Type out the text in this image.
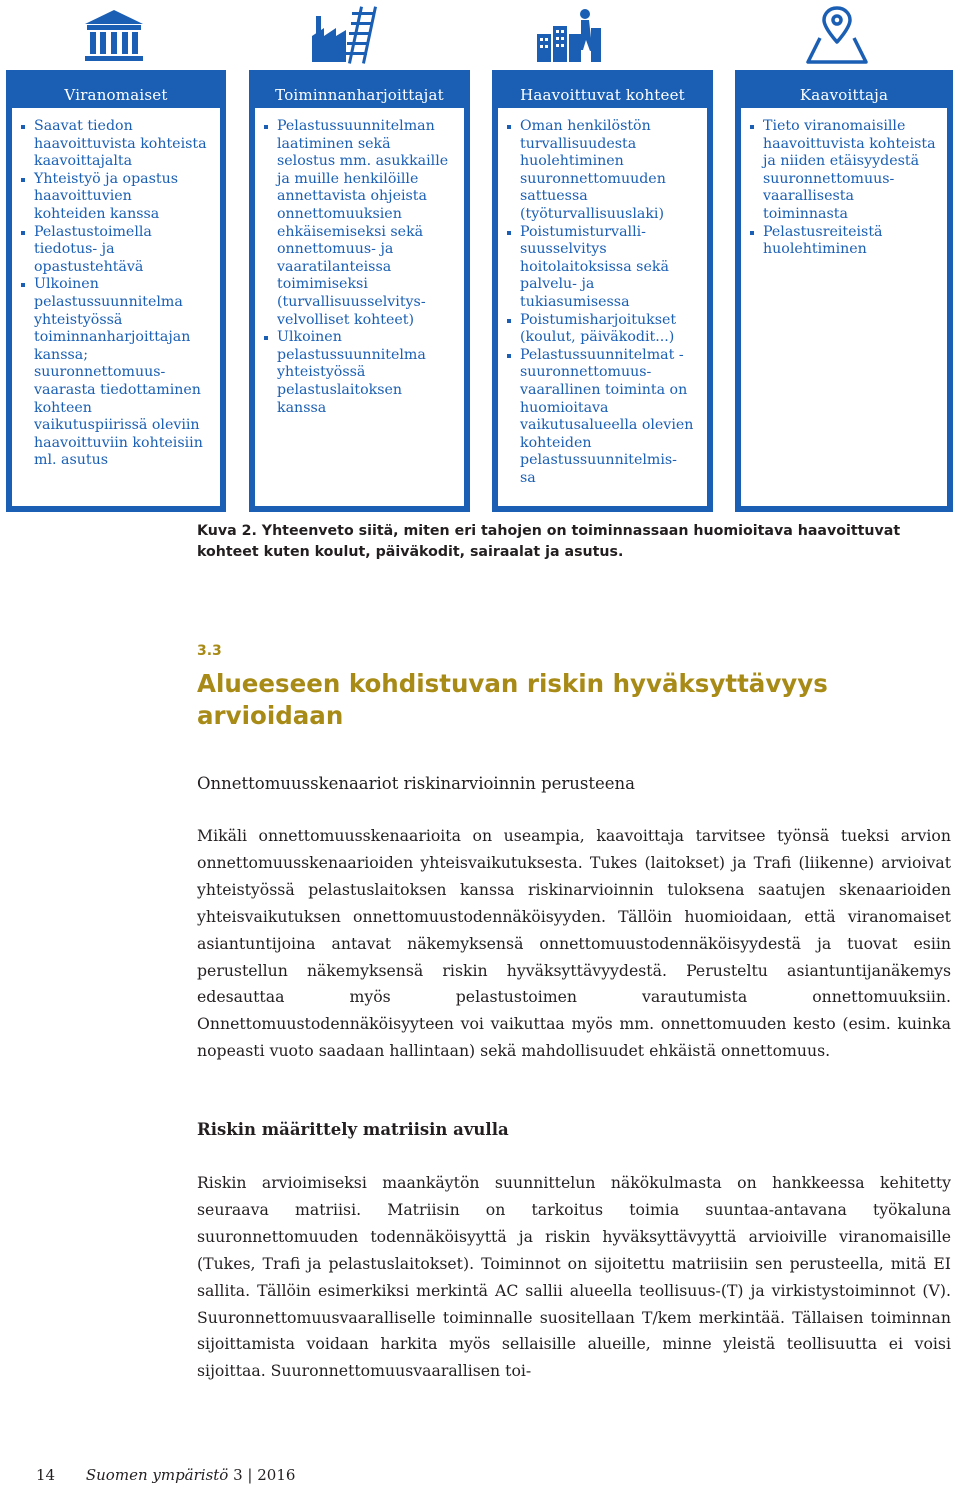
Viranomaiset
Saavat tiedon
haavoittuvista kohteista
kaavoittajalta
Yhteistyö ja opastus
haavoittuvien
kohteiden kanssa
Pelastustoimella
tiedotus- ja
opastustehtävä
Ulkoinen
pelastussuunnitelma
yhteistyössä
toiminnanharjoittajan
kanssa;
suuronnettomuus-
vaarasta tiedottaminen
kohteen
vaikutuspiirissä oleviin
haavoittuviin kohteisiin
ml. asutus
Toiminnanharjoittajat
Pelastussuunnitelman
laatiminen sekä
selostus mm. asukkaille
ja muille henkilöille
annettavista ohjeista
onnettomuuksien
ehkäisemiseksi sekä
onnettomuus- ja
vaaratilanteissa
toimimiseksi
(turvallisuusselvitys-
velvolliset kohteet)
Ulkoinen
pelastussuunnitelma
yhteistyössä
pelastuslaitoksen
kanssa
Haavoittuvat kohteet
Oman henkilöstön
turvallisuudesta
huolehtiminen
suuronnettomuuden
sattuessa
(työturvallisuuslaki)
Poistumisturvalli-
suusselvitys
hoitolaitoksissa sekä
palvelu- ja
tukiasumisessa
Poistumisharjoitukset
(koulut, päiväkodit...)
Pelastussuunnitelmat -
suuronnettomuus-
vaarallinen toiminta on
huomioitava
vaikutusalueella olevien
kohteiden
pelastussuunnitelmis-
sa
Kaavoittaja
Tieto viranomaisille
haavoittuvista kohteista
ja niiden etäisyydestä
suuronnettomuus-
vaarallisesta
toiminnasta
Pelastusreiteistä
huolehtiminen
Kuva 2. Yhteenveto siitä, miten eri tahojen on toiminnassaan huomioitava haavoittuvat kohteet kuten koulut, päiväkodit, sairaalat ja asutus.
3.3
Alueeseen kohdistuvan riskin hyväksyttävyys arvioidaan
Onnettomuusskenaariot riskinarvioinnin perusteena

Mikäli onnettomuusskenaarioita on useampia, kaavoittaja tarvitsee työnsä tueksi arvion onnettomuusskenaarioiden yhteisvaikutuksesta. Tukes (laitokset) ja Trafi (liikenne) arvioivat yhteistyössä pelastuslaitoksen kanssa riskinarvioinnin tuloksena saatujen skenaarioiden yhteisvaikutuksen onnettomuustodennäköisyyden. Tällöin huomioidaan, että viranomaiset asiantuntijoina antavat näkemyksensä onnettomuustodennäköisyydestä ja tuovat esiin perustellun näkemyksensä riskin hyväksyttävyydestä. Perusteltu asiantuntijanäkemys edesauttaa myös pelastustoimen varautumista onnettomuuksiin. Onnettomuustodennäköisyyteen voi vaikuttaa myös mm. onnettomuuden kesto (esim. kuinka nopeasti vuoto saadaan hallintaan) sekä mahdollisuudet ehkäistä onnettomuus.

Riskin määrittely matriisin avulla

Riskin arvioimiseksi maankäytön suunnittelun näkökulmasta on hankkeessa kehitetty seuraava matriisi. Matriisin on tarkoitus toimia suuntaa-antavana työkaluna suuronnettomuuden todennäköisyyttä ja riskin hyväksyttävyyttä arvioiville viranomaisille (Tukes, Trafi ja pelastuslaitokset). Toiminnot on sijoitettu matriisiin sen perusteella, mitä EI sallita. Tällöin esimerkiksi merkintä AC sallii alueella teollisuus-(T) ja virkistystoiminnot (V). Suuronnettomuusvaaralliselle toiminnalle suositellaan T/kem merkintää. Tällaisen toiminnan sijoittamista voidaan harkita myös sellaisille alueille, minne yleistä teollisuutta ei voisi sijoittaa. Suuronnettomuusvaarallisen toi-

14 Suomen ympäristö 3 | 2016
